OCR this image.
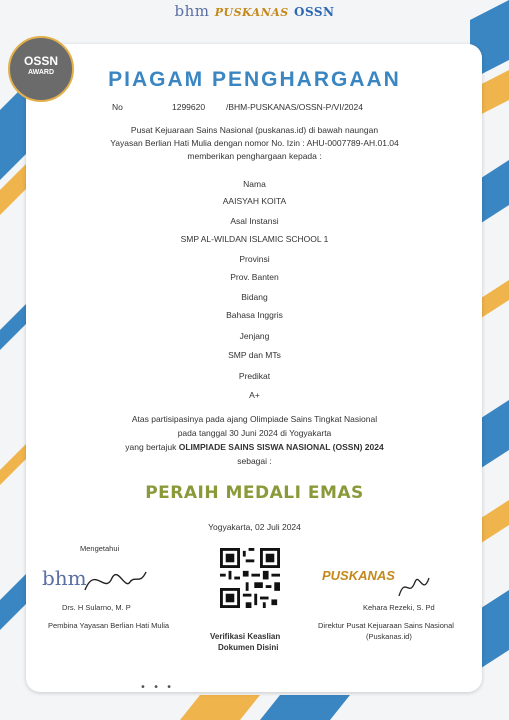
bhm PUSKANAS OSSN
OSSN
AWARD	PIAGAM PENGHARGAAN
No	1299620 /BHM-PUSKANAS/OSSN-P/VI/2024
Pusat Kejuaraan Sains Nasional (puskanas.id) di bawah naungan
Yayasan Berlian Hati Mulia dengan nomor No. Izin : AHU-0007789-AH.01.04
memberikan penghargaan kepada :
Nama
AAISYAH KOITA
Asal Instansi
SMP AL-WILDAN ISLAMIC SCHOOL 1
Provinsi
Prov. Banten
Bidang
Bahasa Inggris
Jenjang
SMP dan MTs
Predikat
A+
Atas partisipasinya pada ajang Olimpiade Sains Tingkat Nasional
pada tanggal 30 Juni 2024 di Yogyakarta
yang bertajuk OLIMPIADE SAINS SISWA NASIONAL (OSSN) 2024
sebagai :
PERAIH MEDALI EMAS
Yogyakarta, 02 Juli 2024
Mengetahui
bhm
Drs. H Sularno, M. P
Pembina Yayasan Berlian Hati Mulia
Verifikasi Keaslian
Dokumen Disini
PUSKANAS
Kehara Rezeki, S. Pd
Direktur Pusat Kejuaraan Sains Nasional
(Puskanas.id)
• • •
